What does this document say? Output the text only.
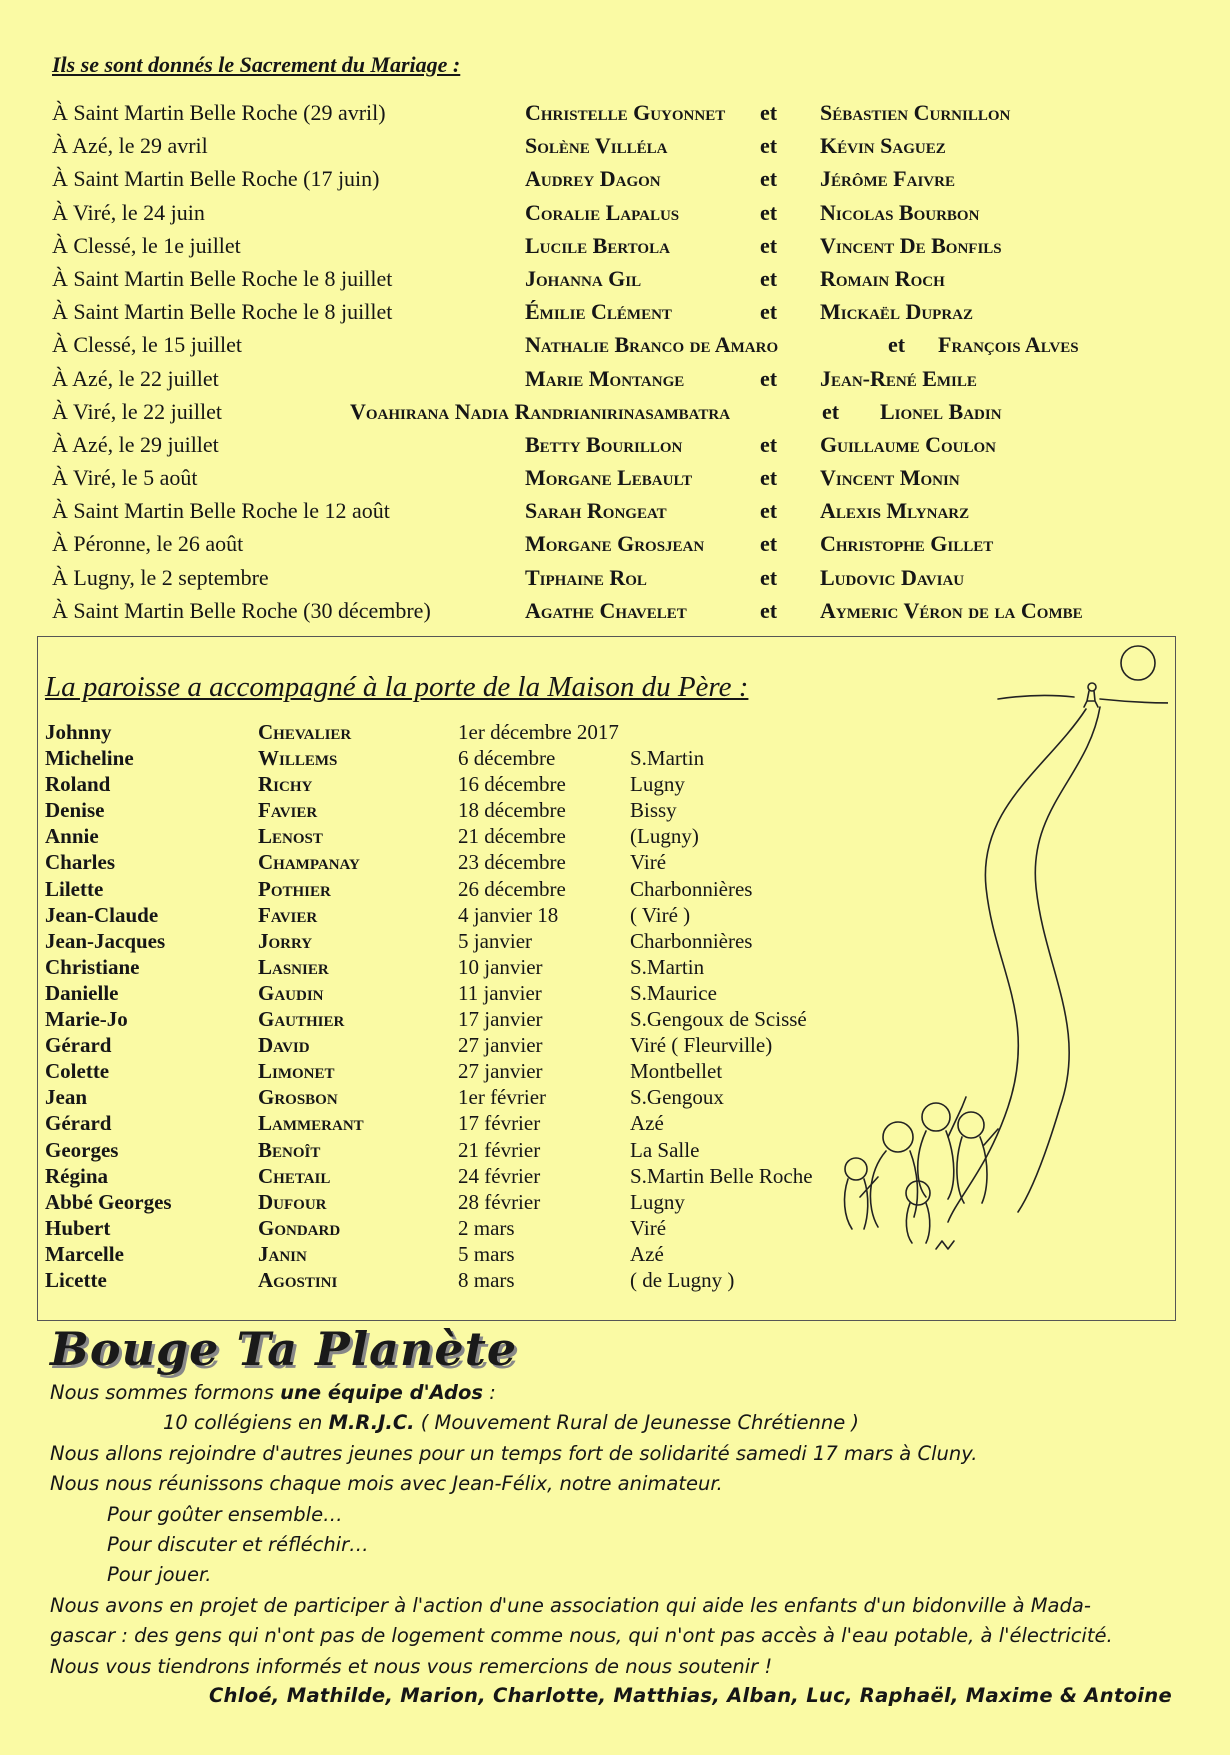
Ils se sont donnés le Sacrement du Mariage :
À Saint Martin Belle Roche (29 avril)	Christelle Guyonnet et Sébastien Curnillon
À Azé, le 29 avril	Solène Villéla	et Kévin Saguez
À Saint Martin Belle Roche (17 juin)	Audrey Dagon	et Jérôme Faivre
À Viré, le 24 juin	Coralie Lapalus	et Nicolas Bourbon
À Clessé, le 1e juillet	Lucile Bertola	et Vincent De Bonfils
À Saint Martin Belle Roche le 8 juillet	Johanna Gil	et Romain Roch
À Saint Martin Belle Roche le 8 juillet	Émilie Clément	et Mickaël Dupraz
À Clessé, le 15 juillet	Nathalie Branco de Amaro	et François Alves
À Azé, le 22 juillet	Marie Montange	et Jean-René Emile
À Viré, le 22 juillet	Voahirana Nadia Randrianirinasambatra	et Lionel Badin
À Azé, le 29 juillet	Betty Bourillon	et Guillaume Coulon
À Viré, le 5 août	Morgane Lebault	et Vincent Monin
À Saint Martin Belle Roche le 12 août	Sarah Rongeat	et Alexis Mlynarz
À Péronne, le 26 août	Morgane Grosjean	et Christophe Gillet
À Lugny, le 2 septembre	Tiphaine Rol	et Ludovic Daviau
À Saint Martin Belle Roche (30 décembre)	Agathe Chavelet	et Aymeric Véron de la Combe
La paroisse a accompagné à la porte de la Maison du Père :
Johnny	Chevalier	1er décembre 2017
Micheline	Willems	6 décembre	S.Martin
Roland	Richy	16 décembre	Lugny
Denise	Favier	18 décembre	Bissy
Annie	Lenost	21 décembre	(Lugny)
Charles	Champanay	23 décembre	Viré
Lilette	Pothier	26 décembre	Charbonnières
Jean-Claude	Favier	4 janvier 18	( Viré )
Jean-Jacques	Jorry	5 janvier	Charbonnières
Christiane	Lasnier	10 janvier	S.Martin
Danielle	Gaudin	11 janvier	S.Maurice
Marie-Jo	Gauthier	17 janvier	S.Gengoux de Scissé
Gérard	David	27 janvier	Viré ( Fleurville)
Colette	Limonet	27 janvier	Montbellet
Jean	Grosbon	1er février	S.Gengoux
Gérard	Lammerant	17 février	Azé
Georges	Benoît	21 février	La Salle
Régina	Chetail	24 février	S.Martin Belle Roche
Abbé Georges	Dufour	28 février	Lugny
Hubert	Gondard	2 mars	Viré
Marcelle	Janin	5 mars	Azé
Licette	Agostini	8 mars	( de Lugny )
Bouge Ta Planète
Nous sommes formons une équipe d'Ados :
10 collégiens en M.R.J.C. ( Mouvement Rural de Jeunesse Chrétienne )
Nous allons rejoindre d'autres jeunes pour un temps fort de solidarité samedi 17 mars à Cluny.
Nous nous réunissons chaque mois avec Jean-Félix, notre animateur.
Pour goûter ensemble…
Pour discuter et réfléchir…
Pour jouer.
Nous avons en projet de participer à l'action d'une association qui aide les enfants d'un bidonville à Mada-
gascar : des gens qui n'ont pas de logement comme nous, qui n'ont pas accès à l'eau potable, à l'électricité.
Nous vous tiendrons informés et nous vous remercions de nous soutenir !
Chloé, Mathilde, Marion, Charlotte, Matthias, Alban, Luc, Raphaël, Maxime & Antoine
